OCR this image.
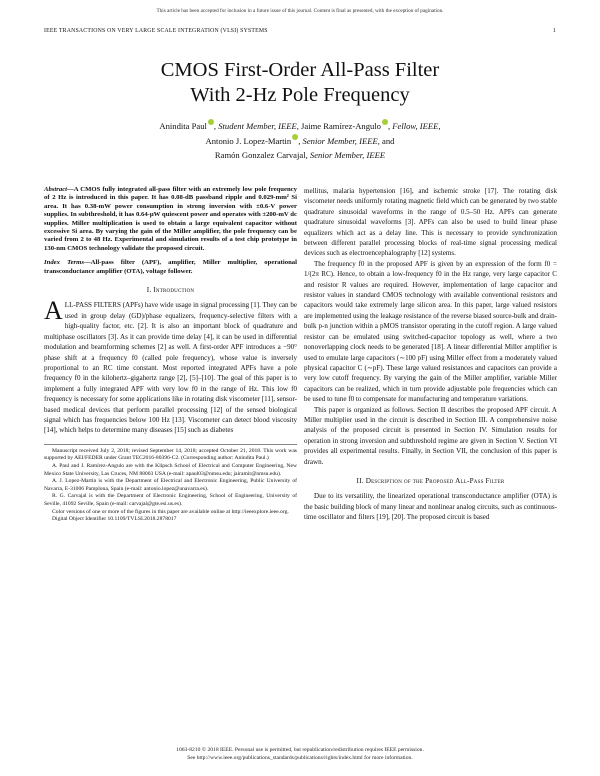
This article has been accepted for inclusion in a future issue of this journal. Content is final as presented, with the exception of pagination.
IEEE TRANSACTIONS ON VERY LARGE SCALE INTEGRATION (VLSI) SYSTEMS	1
CMOS First-Order All-Pass Filter
With 2-Hz Pole Frequency
Anindita Paul , Student Member, IEEE, Jaime Ramírez-Angulo , Fellow, IEEE,
Antonio J. Lopez-Martin , Senior Member, IEEE, and
Ramón Gonzalez Carvajal, Senior Member, IEEE

Abstract—A CMOS fully integrated all-pass filter with an extremely low pole frequency of 2 Hz is introduced in this paper. It has 0.08-dB passband ripple and 0.029-mm² Si area. It has 0.38-mW power consumption in strong inversion with ±0.6-V power supplies. In subthreshold, it has 0.64-μW quiescent power and operates with ±200-mV dc supplies. Miller multiplication is used to obtain a large equivalent capacitor without excessive Si area. By varying the gain of the Miller amplifier, the pole frequency can be varied from 2 to 48 Hz. Experimental and simulation results of a test chip prototype in 130-nm CMOS technology validate the proposed circuit.

Index Terms—All-pass filter (APF), amplifier, Miller multiplier, operational transconductance amplifier (OTA), voltage follower.

I. Introduction

ALL-PASS FILTERS (APFs) have wide usage in signal processing [1]. They can be used in group delay (GD)/phase equalizers, frequency-selective filters with a high-quality factor, etc. [2]. It is also an important block of quadrature and multiphase oscillators [3]. As it can provide time delay [4], it can be used in differential modulation and beamforming schemes [2] as well. A first-order APF introduces a −90° phase shift at a frequency f0 (called pole frequency), whose value is inversely proportional to an RC time constant. Most reported integrated APFs have a pole frequency f0 in the kilohertz–gigahertz range [2], [5]–[10]. The goal of this paper is to implement a fully integrated APF with very low f0 in the range of Hz. This low f0 frequency is necessary for some applications like in rotating disk viscometer [11], sensor-based medical devices that perform parallel processing [12] of the sensed biological signal which has frequencies below 100 Hz [13]. Viscometer can detect blood viscosity [14], which helps to determine many diseases [15] such as diabetes

Manuscript received July 2, 2018; revised September 14, 2018; accepted October 21, 2018. This work was supported by AEI/FEDER under Grant TEC2016-80396-C2. (Corresponding author: Anindita Paul.)

A. Paul and J. Ramírez-Angulo are with the Klipsch School of Electrical and Computer Engineering, New Mexico State University, Las Cruces, NM 88003 USA (e-mail: apaul03@nmsu.edu; jairamir@nmsu.edu).

A. J. Lopez-Martin is with the Department of Electrical and Electronic Engineering, Public University of Navarra, E-31006 Pamplona, Spain (e-mail: antonio.lopez@unavarra.es).

R. G. Carvajal is with the Department of Electronic Engineering, School of Engineering, University of Seville, 41092 Seville, Spain (e-mail: carvajal@gte.esi.us.es).

Color versions of one or more of the figures in this paper are available online at http://ieeexplore.ieee.org.

Digital Object Identifier 10.1109/TVLSI.2018.2878017

mellitus, malaria hypertension [16], and ischemic stroke [17]. The rotating disk viscometer needs uniformly rotating magnetic field which can be generated by two stable quadrature sinusoidal waveforms in the range of 0.5–50 Hz. APFs can generate quadrature sinusoidal waveforms [3]. APFs can also be used to build linear phase equalizers which act as a delay line. This is necessary to provide synchronization between different parallel processing blocks of real-time signal processing medical devices such as electroencephalography [12] systems.

The frequency f0 in the proposed APF is given by an expression of the form f0 = 1/(2π RC). Hence, to obtain a low-frequency f0 in the Hz range, very large capacitor C and resistor R values are required. However, implementation of large capacitor and resistor values in standard CMOS technology with available conventional resistors and capacitors would take extremely large silicon area. In this paper, large valued resistors are implemented using the leakage resistance of the reverse biased source-bulk and drain-bulk p-n junction within a pMOS transistor operating in the cutoff region. A large valued resistor can be emulated using switched-capacitor topology as well, where a two nonoverlapping clock needs to be generated [18]. A linear differential Miller amplifier is used to emulate large capacitors (∼100 pF) using Miller effect from a moderately valued physical capacitor C (∼pF). These large valued resistances and capacitors can provide a very low cutoff frequency. By varying the gain of the Miller amplifier, variable Miller capacitors can be realized, which in turn provide adjustable pole frequencies which can be used to tune f0 to compensate for manufacturing and temperature variations.

This paper is organized as follows. Section II describes the proposed APF circuit. A Miller multiplier used in the circuit is described in Section III. A comprehensive noise analysis of the proposed circuit is presented in Section IV. Simulation results for operation in strong inversion and subthreshold regime are given in Section V. Section VI provides all experimental results. Finally, in Section VII, the conclusion of this paper is drawn.

II. Description of the Proposed All-Pass Filter

Due to its versatility, the linearized operational transconductance amplifier (OTA) is the basic building block of many linear and nonlinear analog circuits, such as continuous-time oscillator and filters [19], [20]. The proposed circuit is based

1063-8210 © 2018 IEEE. Personal use is permitted, but republication/redistribution requires IEEE permission.
See http://www.ieee.org/publications_standards/publications/rights/index.html for more information.
